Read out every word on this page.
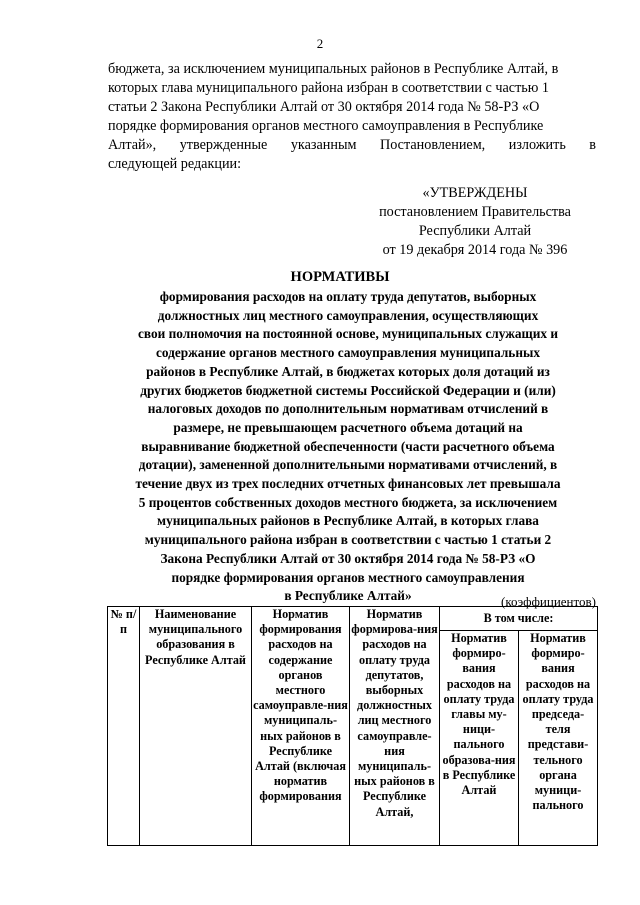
2
бюджета, за исключением муниципальных районов в Республике Алтай, в
которых глава муниципального района избран в соответствии с частью 1
статьи 2 Закона Республики Алтай от 30 октября 2014 года № 58-РЗ «О
порядке формирования органов местного самоуправления в Республике
Алтай», утвержденные указанным Постановлением, изложить в
следующей редакции:
«УТВЕРЖДЕНЫ
постановлением Правительства
Республики Алтай
от 19 декабря 2014 года № 396
НОРМАТИВЫ
формирования расходов на оплату труда депутатов, выборных
должностных лиц местного самоуправления, осуществляющих
свои полномочия на постоянной основе, муниципальных служащих и
содержание органов местного самоуправления муниципальных
районов в Республике Алтай, в бюджетах которых доля дотаций из
других бюджетов бюджетной системы Российской Федерации и (или)
налоговых доходов по дополнительным нормативам отчислений в
размере, не превышающем расчетного объема дотаций на
выравнивание бюджетной обеспеченности (части расчетного объема
дотации), замененной дополнительными нормативами отчислений, в
течение двух из трех последних отчетных финансовых лет превышала
5 процентов собственных доходов местного бюджета, за исключением
муниципальных районов в Республике Алтай, в которых глава
муниципального района избран в соответствии с частью 1 статьи 2
Закона Республики Алтай от 30 октября 2014 года № 58-РЗ «О
порядке формирования органов местного самоуправления
в Республике Алтай»	(коэффициентов)
№ п/п	Наименование муниципального образования в Республике Алтай	Норматив формирования расходов на содержание органов местного самоуправле-ния муниципаль-ных районов в Республике Алтай (включая норматив формирования	Норматив формирова-ния расходов на оплату труда депутатов, выборных должностных лиц местного самоуправле-ния муниципаль-ных районов в Республике Алтай,	В том числе:	
				Норматив формиро-вания расходов на оплату труда главы му-ници-пального образова-ния в Республике Алтай	Норматив формиро-вания расходов на оплату труда председа-теля представи-тельного органа муници-пального
